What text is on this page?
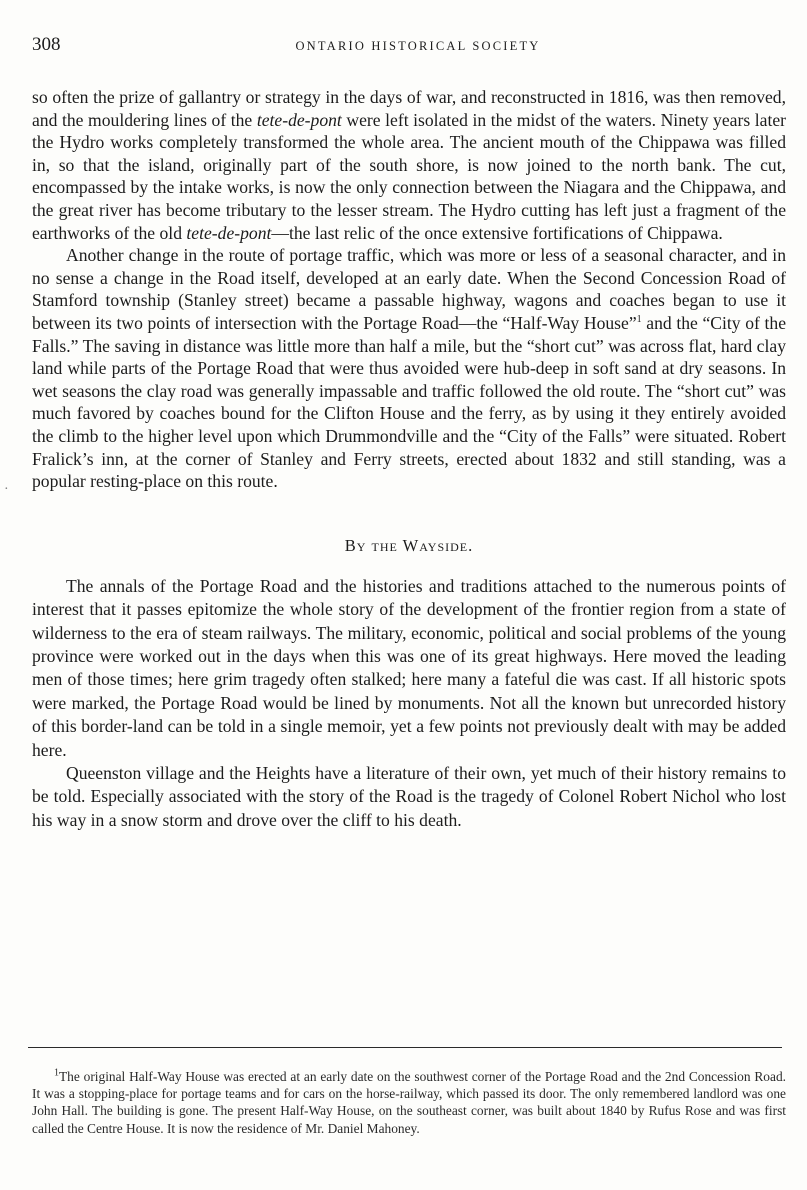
308	ONTARIO HISTORICAL SOCIETY
·

so often the prize of gallantry or strategy in the days of war, and reconstructed in 1816, was then removed, and the mouldering lines of the tete-de-pont were left isolated in the midst of the waters. Ninety years later the Hydro works completely transformed the whole area. The ancient mouth of the Chippawa was filled in, so that the island, originally part of the south shore, is now joined to the north bank. The cut, encompassed by the intake works, is now the only connection between the Niagara and the Chippawa, and the great river has become tributary to the lesser stream. The Hydro cutting has left just a fragment of the earthworks of the old tete-de-pont—the last relic of the once extensive fortifications of Chippawa.

Another change in the route of portage traffic, which was more or less of a seasonal character, and in no sense a change in the Road itself, developed at an early date. When the Second Concession Road of Stamford township (Stanley street) became a passable highway, wagons and coaches began to use it between its two points of intersection with the Portage Road—the “Half-Way House”$^1$ and the “City of the Falls.” The saving in distance was little more than half a mile, but the “short cut” was across flat, hard clay land while parts of the Portage Road that were thus avoided were hub-deep in soft sand at dry seasons. In wet seasons the clay road was generally impassable and traffic followed the old route. The “short cut” was much favored by coaches bound for the Clifton House and the ferry, as by using it they entirely avoided the climb to the higher level upon which Drummondville and the “City of the Falls” were situated. Robert Fralick’s inn, at the corner of Stanley and Ferry streets, erected about 1832 and still standing, was a popular resting-place on this route.

By the Wayside.

The annals of the Portage Road and the histories and traditions attached to the numerous points of interest that it passes epitomize the whole story of the development of the frontier region from a state of wilderness to the era of steam railways. The military, economic, political and social problems of the young province were worked out in the days when this was one of its great highways. Here moved the leading men of those times; here grim tragedy often stalked; here many a fateful die was cast. If all historic spots were marked, the Portage Road would be lined by monuments. Not all the known but unrecorded history of this border-land can be told in a single memoir, yet a few points not previously dealt with may be added here.

Queenston village and the Heights have a literature of their own, yet much of their history remains to be told. Especially associated with the story of the Road is the tragedy of Colonel Robert Nichol who lost his way in a snow storm and drove over the cliff to his death.

$^1$The original Half-Way House was erected at an early date on the southwest corner of the Portage Road and the 2nd Concession Road. It was a stopping-place for portage teams and for cars on the horse-railway, which passed its door. The only remembered landlord was one John Hall. The building is gone. The present Half-Way House, on the southeast corner, was built about 1840 by Rufus Rose and was first called the Centre House. It is now the residence of Mr. Daniel Mahoney.
